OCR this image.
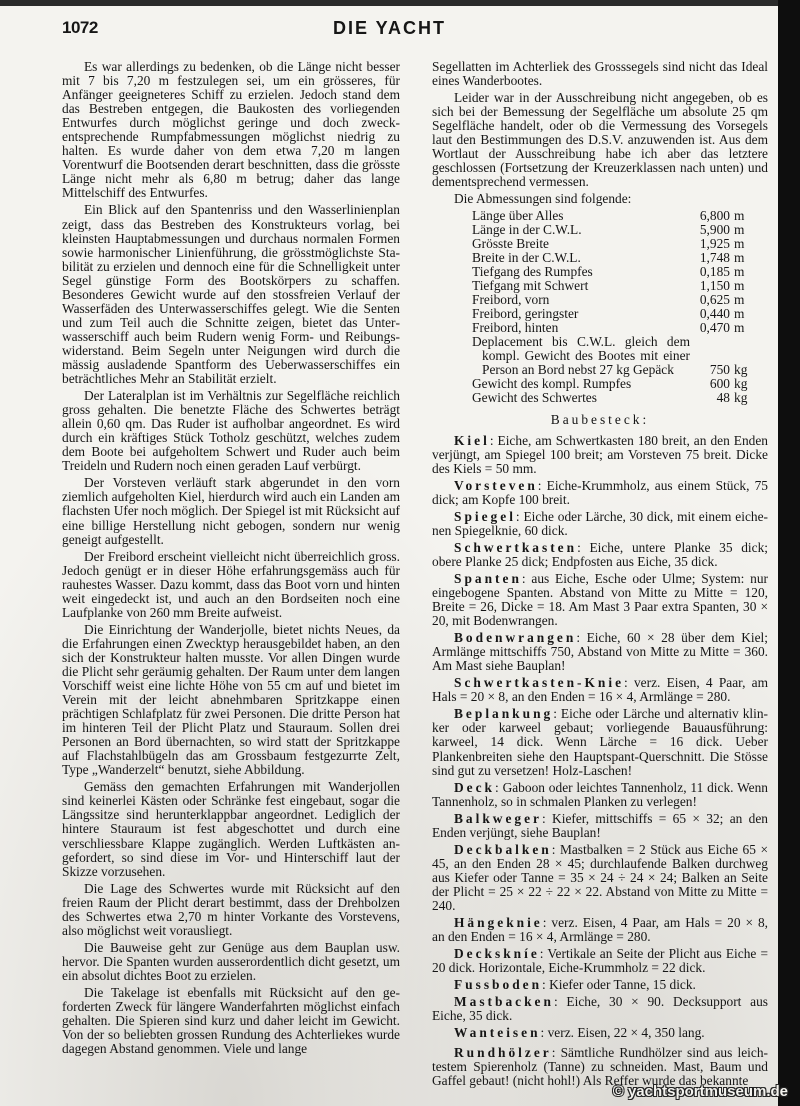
1072	DIE YACHT

Es war allerdings zu bedenken, ob die Länge nicht besser mit 7 bis 7,20 m festzulegen sei, um ein grösseres, für Anfänger geeigneteres Schiff zu erzielen. Jedoch stand dem das Bestreben entgegen, die Baukosten des vorliegenden Entwurfes durch möglichst geringe und doch zweckentsprechende Rumpfabmessungen möglichst niedrig zu halten. Es wurde daher von dem etwa 7,20 m langen Vorentwurf die Bootsenden derart beschnitten, dass die grösste Länge nicht mehr als 6,80 m betrug; daher das lange Mittelschiff des Entwurfes.

Ein Blick auf den Spantenriss und den Wasserlinienplan zeigt, dass das Bestreben des Konstrukteurs vorlag, bei kleinsten Hauptabmessungen und durchaus normalen Formen sowie harmonischer Linienführung, die grösstmöglichste Stabilität zu erzielen und dennoch eine für die Schnelligkeit unter Segel günstige Form des Bootskörpers zu schaffen. Besonderes Gewicht wurde auf den stossfreien Verlauf der Wasserfäden des Unterwasserschiffes gelegt. Wie die Senten und zum Teil auch die Schnitte zeigen, bietet das Unterwasserschiff auch beim Rudern wenig Form- und Reibungswiderstand. Beim Segeln unter Neigungen wird durch die mässig ausladende Spantform des Ueberwasserschiffes ein beträchtliches Mehr an Stabilität erzielt.

Der Lateralplan ist im Verhältnis zur Segelfläche reichlich gross gehalten. Die benetzte Fläche des Schwertes beträgt allein 0,60 qm. Das Ruder ist aufholbar angeordnet. Es wird durch ein kräftiges Stück Totholz geschützt, welches zudem dem Boote bei aufgeholtem Schwert und Ruder auch beim Treideln und Rudern noch einen geraden Lauf verbürgt.

Der Vorsteven verläuft stark abgerundet in den vorn ziemlich aufgeholten Kiel, hierdurch wird auch ein Landen am flachsten Ufer noch möglich. Der Spiegel ist mit Rücksicht auf eine billige Herstellung nicht gebogen, sondern nur wenig geneigt aufgestellt.

Der Freibord erscheint vielleicht nicht überreichlich gross. Jedoch genügt er in dieser Höhe erfahrungsgemäss auch für rauhestes Wasser. Dazu kommt, dass das Boot vorn und hinten weit eingedeckt ist, und auch an den Bordseiten noch eine Laufplanke von 260 mm Breite aufweist.

Die Einrichtung der Wanderjolle, bietet nichts Neues, da die Erfahrungen einen Zwecktyp herausgebildet haben, an den sich der Konstrukteur halten musste. Vor allen Dingen wurde die Plicht sehr geräumig gehalten. Der Raum unter dem langen Vorschiff weist eine lichte Höhe von 55 cm auf und bietet im Verein mit der leicht abnehmbaren Spritzkappe einen prächtigen Schlafplatz für zwei Personen. Die dritte Person hat im hinteren Teil der Plicht Platz und Stauraum. Sollen drei Personen an Bord übernachten, so wird statt der Spritzkappe auf Flachstahlbügeln das am Grossbaum festgezurrte Zelt, Type „Wanderzelt“ benutzt, siehe Abbildung.

Gemäss den gemachten Erfahrungen mit Wanderjollen sind keinerlei Kästen oder Schränke fest eingebaut, sogar die Längssitze sind herunterklappbar angeordnet. Lediglich der hintere Stauraum ist fest abgeschottet und durch eine verschliessbare Klappe zugänglich. Werden Luftkästen angefordert, so sind diese im Vor- und Hinterschiff laut der Skizze vorzusehen.

Die Lage des Schwertes wurde mit Rücksicht auf den freien Raum der Plicht derart bestimmt, dass der Drehbolzen des Schwertes etwa 2,70 m hinter Vorkante des Vorstevens, also möglichst weit vorausliegt.

Die Bauweise geht zur Genüge aus dem Bauplan usw. hervor. Die Spanten wurden ausserordentlich dicht gesetzt, um ein absolut dichtes Boot zu erzielen.

Die Takelage ist ebenfalls mit Rücksicht auf den geforderten Zweck für längere Wanderfahrten möglichst einfach gehalten. Die Spieren sind kurz und daher leicht im Gewicht. Von der so beliebten grossen Rundung des Achterliekes wurde dagegen Abstand genommen. Viele und lange

Segellatten im Achterliek des Grosssegels sind nicht das Ideal eines Wanderbootes.

Leider war in der Ausschreibung nicht angegeben, ob es sich bei der Bemessung der Segelfläche um absolute 25 qm Segelfläche handelt, oder ob die Vermessung des Vorsegels laut den Bestimmungen des D.S.V. anzuwenden ist. Aus dem Wortlaut der Ausschreibung habe ich aber das letztere geschlossen (Fortsetzung der Kreuzerklassen nach unten) und dementsprechend vermessen.

Die Abmessungen sind folgende:

Länge über Alles	6,800	m
Länge in der C.W.L.	5,900	m
Grösste Breite	1,925	m
Breite in der C.W.L.	1,748	m
Tiefgang des Rumpfes	0,185	m
Tiefgang mit Schwert	1,150	m
Freibord, vorn	0,625	m
Freibord, geringster	0,440	m
Freibord, hinten	0,470	m

Deplacement bis C.W.L. gleich dem kompl. Gewicht des Bootes mit einer Person an Bord nebst 27 kg Gepäck	750	kg
Gewicht des kompl. Rumpfes	600	kg
Gewicht des Schwertes	48	kg
Baubesteck:

Kiel: Eiche, am Schwertkasten 180 breit, an den Enden verjüngt, am Spiegel 100 breit; am Vorsteven 75 breit. Dicke des Kiels = 50 mm.

Vorsteven: Eiche-Krummholz, aus einem Stück, 75 dick; am Kopfe 100 breit.

Spiegel: Eiche oder Lärche, 30 dick, mit einem eichenen Spiegelknie, 60 dick.

Schwertkasten: Eiche, untere Planke 35 dick; obere Planke 25 dick; Endpfosten aus Eiche, 35 dick.

Spanten: aus Eiche, Esche oder Ulme; System: nur eingebogene Spanten. Abstand von Mitte zu Mitte = 120, Breite = 26, Dicke = 18. Am Mast 3 Paar extra Spanten, 30 × 20, mit Bodenwrangen.

Bodenwrangen: Eiche, 60 × 28 über dem Kiel; Armlänge mittschiffs 750, Abstand von Mitte zu Mitte = 360. Am Mast siehe Bauplan!

Schwertkasten-Knie: verz. Eisen, 4 Paar, am Hals = 20 × 8, an den Enden = 16 × 4, Armlänge = 280.

Beplankung: Eiche oder Lärche und alternativ klinker oder karweel gebaut; vorliegende Bauausführung: karweel, 14 dick. Wenn Lärche = 16 dick. Ueber Plankenbreiten siehe den Hauptspant-Querschnitt. Die Stösse sind gut zu versetzen! Holz-Laschen!

Deck: Gaboon oder leichtes Tannenholz, 11 dick. Wenn Tannenholz, so in schmalen Planken zu verlegen!

Balkweger: Kiefer, mittschiffs = 65 × 32; an den Enden verjüngt, siehe Bauplan!

Deckbalken: Mastbalken = 2 Stück aus Eiche 65 × 45, an den Enden 28 × 45; durchlaufende Balken durchweg aus Kiefer oder Tanne = 35 × 24 ÷ 24 × 24; Balken an Seite der Plicht = 25 × 22 ÷ 22 × 22. Abstand von Mitte zu Mitte = 240.

Hängeknie: verz. Eisen, 4 Paar, am Hals = 20 × 8, an den Enden = 16 × 4, Armlänge = 280.

Deckskníe: Vertikale an Seite der Plicht aus Eiche = 20 dick. Horizontale, Eiche-Krummholz = 22 dick.

Fussboden: Kiefer oder Tanne, 15 dick.

Mastbacken: Eiche, 30 × 90. Decksupport aus Eiche, 35 dick.

Wanteisen: verz. Eisen, 22 × 4, 350 lang.

Rundhölzer: Sämtliche Rundhölzer sind aus leichtestem Spierenholz (Tanne) zu schneiden. Mast, Baum und Gaffel gebaut! (nicht hohl!) Als Reffer wurde das bekannte

© yachtsportmuseum.de
